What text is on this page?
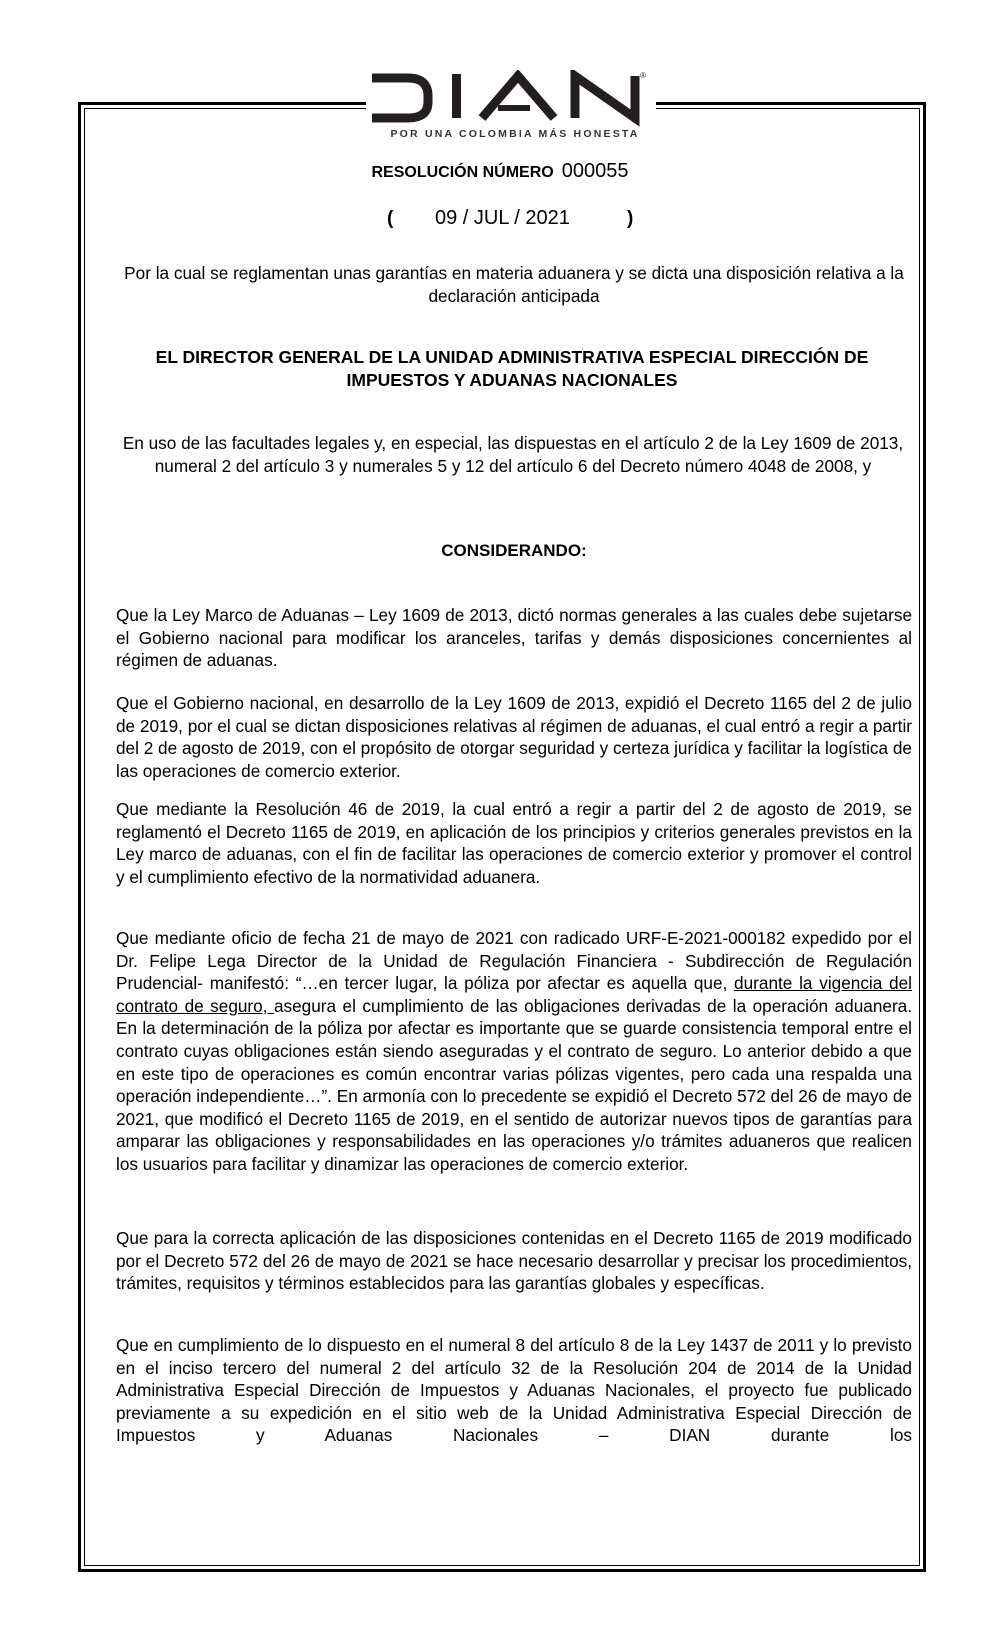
®
POR UNA COLOMBIA MÁS HONESTA
RESOLUCIÓN NÚMERO 000055
( 09 / JUL / 2021	)
Por la cual se reglamentan unas garantías en materia aduanera y se dicta una disposición relativa a la declaración anticipada
EL DIRECTOR GENERAL DE LA UNIDAD ADMINISTRATIVA ESPECIAL DIRECCIÓN DE IMPUESTOS Y ADUANAS NACIONALES
En uso de las facultades legales y, en especial, las dispuestas en el artículo 2 de la Ley 1609 de 2013, numeral 2 del artículo 3 y numerales 5 y 12 del artículo 6 del Decreto número 4048 de 2008, y
CONSIDERANDO:

Que la Ley Marco de Aduanas – Ley 1609 de 2013, dictó normas generales a las cuales debe sujetarse el Gobierno nacional para modificar los aranceles, tarifas y demás disposiciones concernientes al régimen de aduanas.

Que el Gobierno nacional, en desarrollo de la Ley 1609 de 2013, expidió el Decreto 1165 del 2 de julio de 2019, por el cual se dictan disposiciones relativas al régimen de aduanas, el cual entró a regir a partir del 2 de agosto de 2019, con el propósito de otorgar seguridad y certeza jurídica y facilitar la logística de las operaciones de comercio exterior.

Que mediante la Resolución 46 de 2019, la cual entró a regir a partir del 2 de agosto de 2019, se reglamentó el Decreto 1165 de 2019, en aplicación de los principios y criterios generales previstos en la Ley marco de aduanas, con el fin de facilitar las operaciones de comercio exterior y promover el control y el cumplimiento efectivo de la normatividad aduanera.

Que mediante oficio de fecha 21 de mayo de 2021 con radicado URF-E-2021-000182 expedido por el Dr. Felipe Lega Director de la Unidad de Regulación Financiera - Subdirección de Regulación Prudencial- manifestó: “…en tercer lugar, la póliza por afectar es aquella que, durante la vigencia del contrato de seguro, asegura el cumplimiento de las obligaciones derivadas de la operación aduanera. En la determinación de la póliza por afectar es importante que se guarde consistencia temporal entre el contrato cuyas obligaciones están siendo aseguradas y el contrato de seguro. Lo anterior debido a que en este tipo de operaciones es común encontrar varias pólizas vigentes, pero cada una respalda una operación independiente…”. En armonía con lo precedente se expidió el Decreto 572 del 26 de mayo de 2021, que modificó el Decreto 1165 de 2019, en el sentido de autorizar nuevos tipos de garantías para amparar las obligaciones y responsabilidades en las operaciones y/o trámites aduaneros que realicen los usuarios para facilitar y dinamizar las operaciones de comercio exterior.

Que para la correcta aplicación de las disposiciones contenidas en el Decreto 1165 de 2019 modificado por el Decreto 572 del 26 de mayo de 2021 se hace necesario desarrollar y precisar los procedimientos, trámites, requisitos y términos establecidos para las garantías globales y específicas.

Que en cumplimiento de lo dispuesto en el numeral 8 del artículo 8 de la Ley 1437 de 2011 y lo previsto en el inciso tercero del numeral 2 del artículo 32 de la Resolución 204 de 2014 de la Unidad Administrativa Especial Dirección de Impuestos y Aduanas Nacionales, el proyecto fue publicado previamente a su expedición en el sitio web de la Unidad Administrativa Especial Dirección de Impuestos y Aduanas Nacionales – DIAN durante los
